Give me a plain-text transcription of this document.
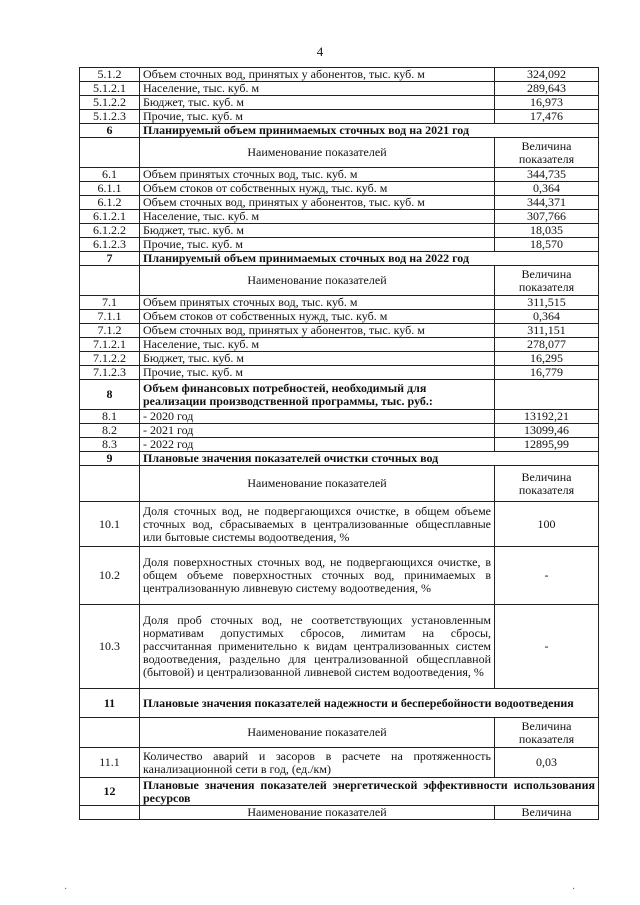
4
5.1.2	Объем сточных вод, принятых у абонентов, тыс. куб. м	324,092
5.1.2.1	Население, тыс. куб. м	289,643
5.1.2.2	Бюджет, тыс. куб. м	16,973
5.1.2.3	Прочие, тыс. куб. м	17,476
6	Планируемый объем принимаемых сточных вод на 2021 год	
	Наименование показателей	Величина показателя
6.1	Объем принятых сточных вод, тыс. куб. м	344,735
6.1.1	Объем стоков от собственных нужд, тыс. куб. м	0,364
6.1.2	Объем сточных вод, принятых у абонентов, тыс. куб. м	344,371
6.1.2.1	Население, тыс. куб. м	307,766
6.1.2.2	Бюджет, тыс. куб. м	18,035
6.1.2.3	Прочие, тыс. куб. м	18,570
7	Планируемый объем принимаемых сточных вод на 2022 год	
	Наименование показателей	Величина показателя
7.1	Объем принятых сточных вод, тыс. куб. м	311,515
7.1.1	Объем стоков от собственных нужд, тыс. куб. м	0,364
7.1.2	Объем сточных вод, принятых у абонентов, тыс. куб. м	311,151
7.1.2.1	Население, тыс. куб. м	278,077
7.1.2.2	Бюджет, тыс. куб. м	16,295
7.1.2.3	Прочие, тыс. куб. м	16,779
8	Объем финансовых потребностей, необходимый для реализации производственной программы, тыс. руб.:	
8.1	- 2020 год	13192,21
8.2	- 2021 год	13099,46
8.3	- 2022 год	12895,99
9	Плановые значения показателей очистки сточных вод	
	Наименование показателей	Величина показателя
10.1	Доля сточных вод, не подвергающихся очистке, в общем объеме сточных вод, сбрасываемых в централизованные общесплавные или бытовые системы водоотведения, %	100
10.2	Доля поверхностных сточных вод, не подвергающихся очистке, в общем объеме поверхностных сточных вод, принимаемых в централизованную ливневую систему водоотведения, %	-
10.3	Доля проб сточных вод, не соответствующих установленным нормативам допустимых сбросов, лимитам на сбросы, рассчитанная применительно к видам централизованных систем водоотведения, раздельно для централизованной общесплавной (бытовой) и централизованной ливневой систем водоотведения, %	-
11	Плановые значения показателей надежности и бесперебойности водоотведения	
	Наименование показателей	Величина показателя
11.1	Количество аварий и засоров в расчете на протяженность канализационной сети в год, (ед./км)	0,03
12	Плановые значения показателей энергетической эффективности использования ресурсов	
	Наименование показателей	Величина
·	·
